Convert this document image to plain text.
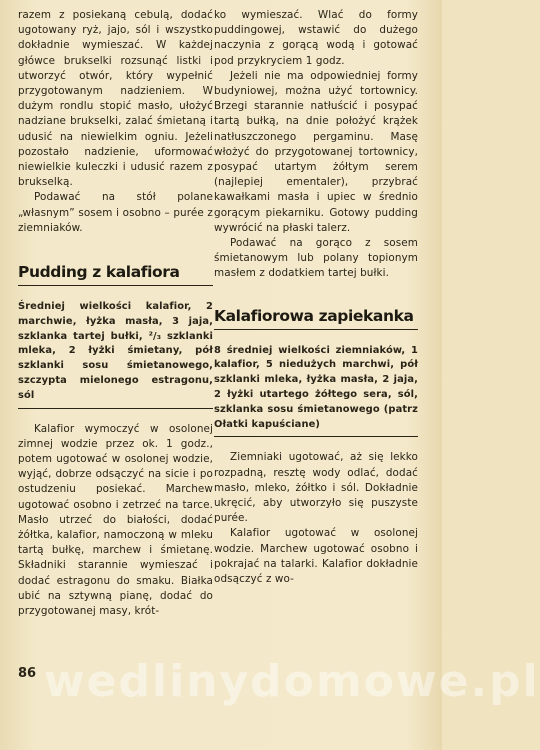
razem z posiekaną cebulą, dodać ugotowany ryż, jajo, sól i wszystko dokładnie wymieszać. W każdej główce brukselki rozsunąć listki i utworzyć otwór, który wypełnić przygotowanym nadzieniem. W dużym rondlu stopić masło, ułożyć nadziane brukselki, zalać śmietaną i udusić na niewielkim ogniu. Jeżeli pozostało nadzienie, uformować niewielkie kuleczki i udusić razem z brukselką.

Podawać na stół polane „własnym” sosem i osobno – purée z ziemniaków.

Pudding z kalafiora

Średniej wielkości kalafior, 2 marchwie, łyżka masła, 3 jaja, szklanka tartej bułki, ²/₃ szklanki mleka, 2 łyżki śmietany, pół szklanki sosu śmietanowego, szczypta mielonego estragonu, sól

Kalafior wymoczyć w osolonej zimnej wodzie przez ok. 1 godz., potem ugotować w osolonej wodzie, wyjąć, dobrze odsączyć na sicie i po ostudzeniu posiekać. Marchew ugotować osobno i zetrzeć na tarce. Masło utrzeć do białości, dodać żółtka, kalafior, namoczoną w mleku tartą bułkę, marchew i śmietanę. Składniki starannie wymieszać i dodać estragonu do smaku. Białka ubić na sztywną pianę, dodać do przygotowanej masy, krót-

ko wymieszać. Wlać do formy puddingowej, wstawić do dużego naczynia z gorącą wodą i gotować pod przykryciem 1 godz.

Jeżeli nie ma odpowiedniej formy budyniowej, można użyć tortownicy. Brzegi starannie natłuścić i posypać tartą bułką, na dnie położyć krążek natłuszczonego pergaminu. Masę włożyć do przygotowanej tortownicy, posypać utartym żółtym serem (najlepiej ementaler), przybrać kawałkami masła i upiec w średnio gorącym piekarniku. Gotowy pudding wywrócić na płaski talerz.

Podawać na gorąco z sosem śmietanowym lub polany topionym masłem z dodatkiem tartej bułki.

Kalafiorowa zapiekanka

8 średniej wielkości ziemniaków, 1 kalafior, 5 niedużych marchwi, pół szklanki mleka, łyżka masła, 2 jaja, 2 łyżki utartego żółtego sera, sól, szklanka sosu śmietanowego (patrz Ołatki kapuściane)

Ziemniaki ugotować, aż się lekko rozpadną, resztę wody odlać, dodać masło, mleko, żółtko i sól. Dokładnie ukręcić, aby utworzyło się puszyste purée.

Kalafior ugotować w osolonej wodzie. Marchew ugotować osobno i pokrajać na talarki. Kalafior dokładnie odsączyć z wo-

wedlinydomowe.pl
86
